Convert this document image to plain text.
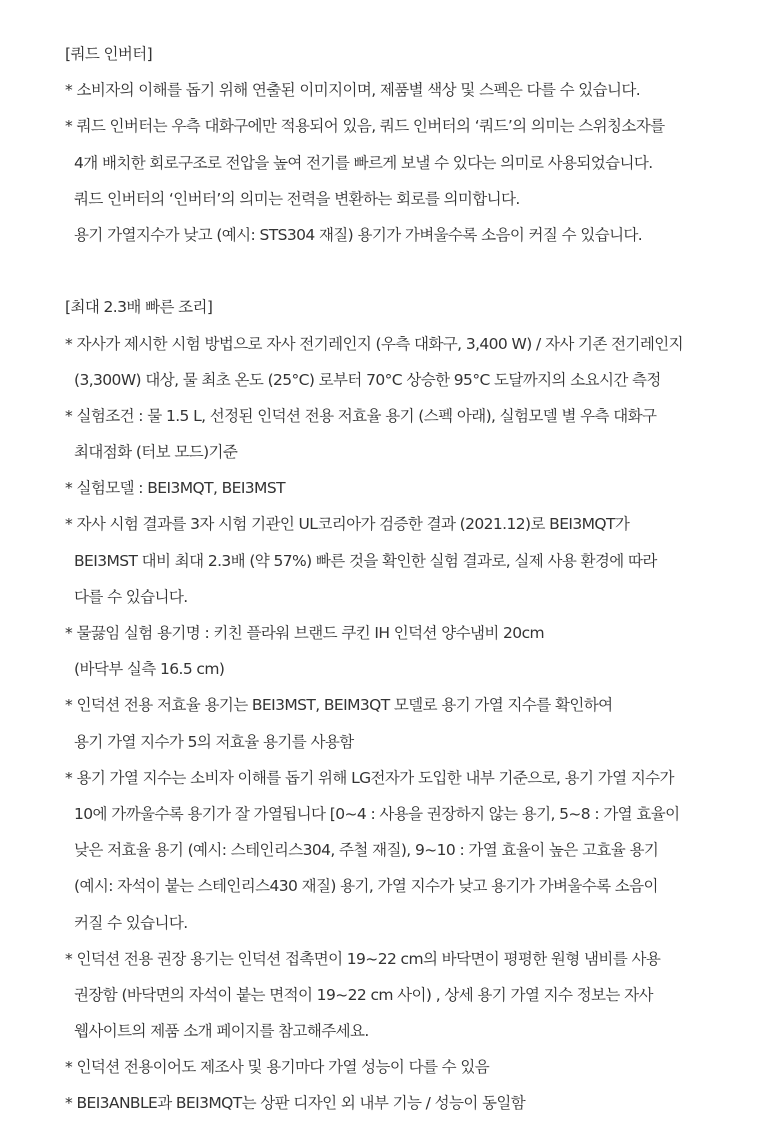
[쿼드 인버터]
* 소비자의 이해를 돕기 위해 연출된 이미지이며, 제품별 색상 및 스펙은 다를 수 있습니다.
* 쿼드 인버터는 우측 대화구에만 적용되어 있음, 쿼드 인버터의 ‘쿼드’의 의미는 스위칭소자를
4개 배치한 회로구조로 전압을 높여 전기를 빠르게 보낼 수 있다는 의미로 사용되었습니다.
쿼드 인버터의 ‘인버터’의 의미는 전력을 변환하는 회로를 의미합니다.
용기 가열지수가 낮고 (예시: STS304 재질) 용기가 가벼울수록 소음이 커질 수 있습니다.
[최대 2.3배 빠른 조리]
* 자사가 제시한 시험 방법으로 자사 전기레인지 (우측 대화구, 3,400 W) / 자사 기존 전기레인지
(3,300W) 대상, 물 최초 온도 (25°C) 로부터 70°C 상승한 95°C 도달까지의 소요시간 측정
* 실험조건 : 물 1.5 L, 선정된 인덕션 전용 저효율 용기 (스펙 아래), 실험모델 별 우측 대화구
최대점화 (터보 모드)기준
* 실험모델 : BEI3MQT, BEI3MST
* 자사 시험 결과를 3자 시험 기관인 UL코리아가 검증한 결과 (2021.12)로 BEI3MQT가
BEI3MST 대비 최대 2.3배 (약 57%) 빠른 것을 확인한 실험 결과로, 실제 사용 환경에 따라
다를 수 있습니다.
* 물끓임 실험 용기명 : 키친 플라워 브랜드 쿠킨 IH 인덕션 양수냄비 20cm
(바닥부 실측 16.5 cm)
* 인덕션 전용 저효율 용기는 BEI3MST, BEIM3QT 모델로 용기 가열 지수를 확인하여
용기 가열 지수가 5의 저효율 용기를 사용함
* 용기 가열 지수는 소비자 이해를 돕기 위해 LG전자가 도입한 내부 기준으로, 용기 가열 지수가
10에 가까울수록 용기가 잘 가열됩니다 [0~4 : 사용을 권장하지 않는 용기, 5~8 : 가열 효율이
낮은 저효율 용기 (예시: 스테인리스304, 주철 재질), 9~10 : 가열 효율이 높은 고효율 용기
(예시: 자석이 붙는 스테인리스430 재질) 용기, 가열 지수가 낮고 용기가 가벼울수록 소음이
커질 수 있습니다.
* 인덕션 전용 권장 용기는 인덕션 접촉면이 19~22 cm의 바닥면이 평평한 원형 냄비를 사용
권장함 (바닥면의 자석이 붙는 면적이 19~22 cm 사이) , 상세 용기 가열 지수 정보는 자사
웹사이트의 제품 소개 페이지를 참고해주세요.
* 인덕션 전용이어도 제조사 및 용기마다 가열 성능이 다를 수 있음
* BEI3ANBLE과 BEI3MQT는 상판 디자인 외 내부 기능 / 성능이 동일함
